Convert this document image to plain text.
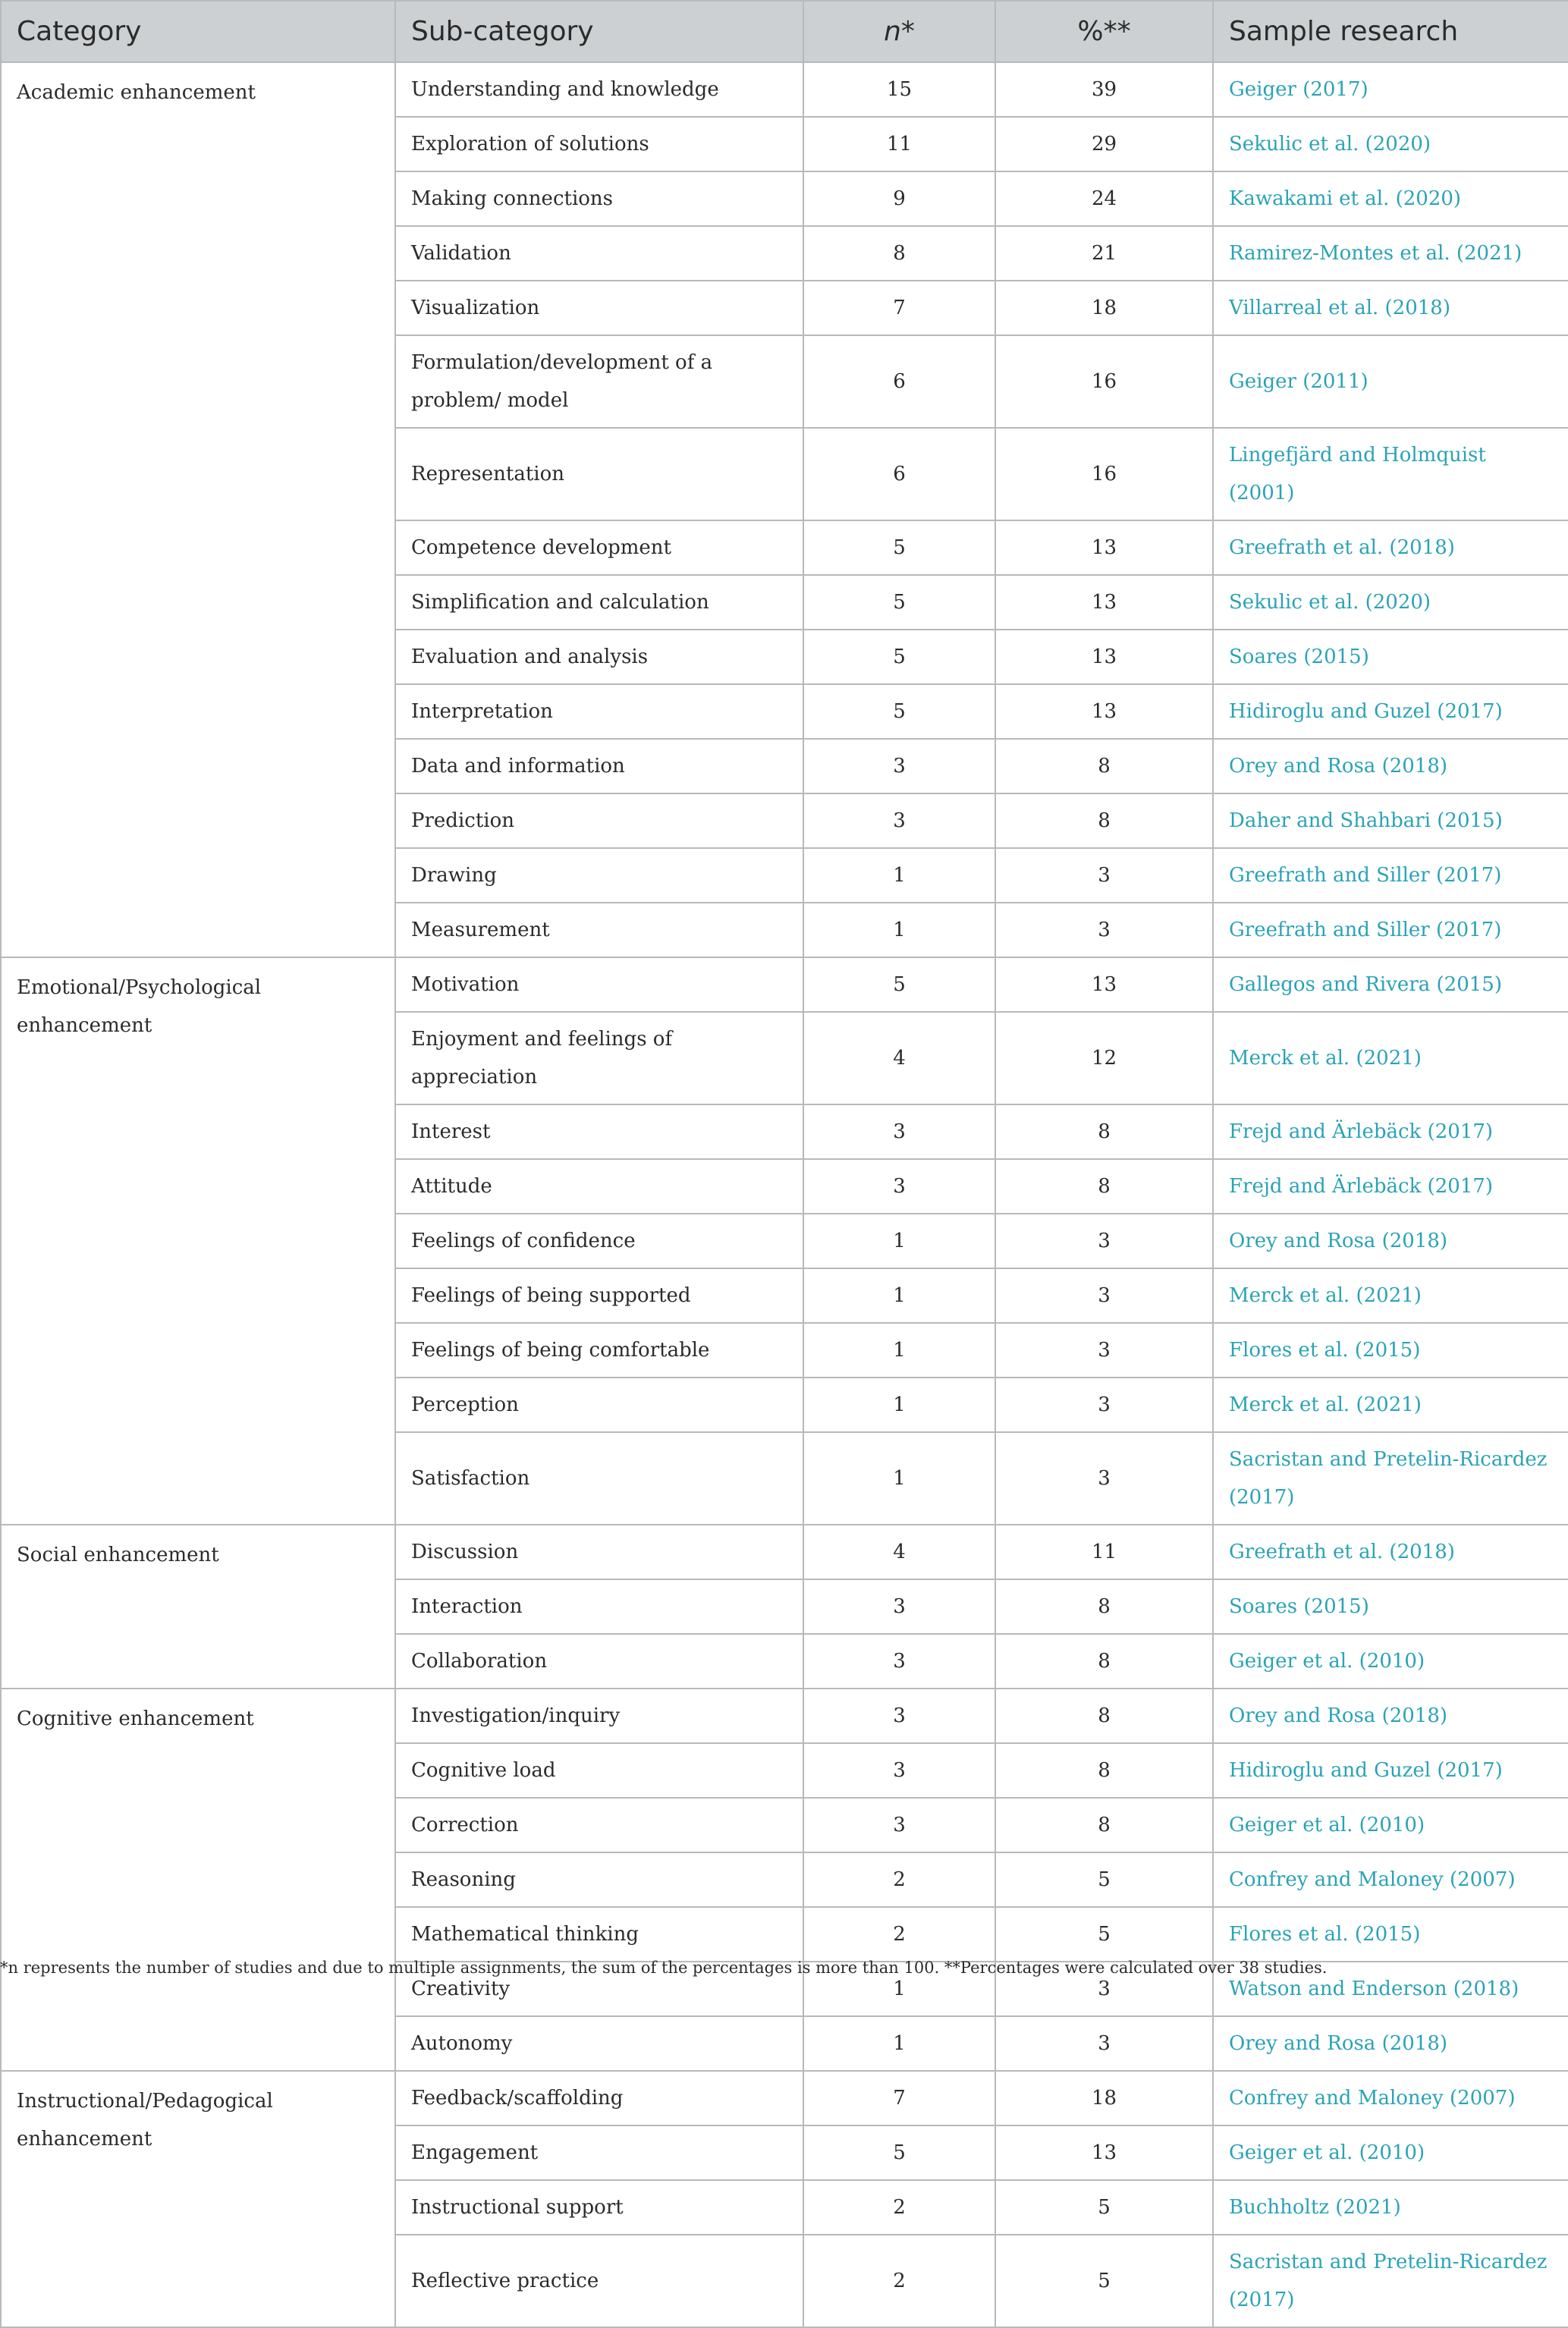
Category	Sub-category	n*	%**	Sample research
Academic enhancement	Understanding and knowledge	15	39	Geiger (2017)
	Exploration of solutions	11	29	Sekulic et al. (2020)
	Making connections	9	24	Kawakami et al. (2020)
	Validation	8	21	Ramirez-Montes et al. (2021)
	Visualization	7	18	Villarreal et al. (2018)
	Formulation/development of a problem/ model	6	16	Geiger (2011)
	Representation	6	16	Lingefjärd and Holmquist (2001)
	Competence development	5	13	Greefrath et al. (2018)
	Simplification and calculation	5	13	Sekulic et al. (2020)
	Evaluation and analysis	5	13	Soares (2015)
	Interpretation	5	13	Hidiroglu and Guzel (2017)
	Data and information	3	8	Orey and Rosa (2018)
	Prediction	3	8	Daher and Shahbari (2015)
	Drawing	1	3	Greefrath and Siller (2017)
	Measurement	1	3	Greefrath and Siller (2017)
Emotional/Psychological enhancement	Motivation	5	13	Gallegos and Rivera (2015)
	Enjoyment and feelings of appreciation	4	12	Merck et al. (2021)
	Interest	3	8	Frejd and Ärlebäck (2017)
	Attitude	3	8	Frejd and Ärlebäck (2017)
	Feelings of confidence	1	3	Orey and Rosa (2018)
	Feelings of being supported	1	3	Merck et al. (2021)
	Feelings of being comfortable	1	3	Flores et al. (2015)
	Perception	1	3	Merck et al. (2021)
	Satisfaction	1	3	Sacristan and Pretelin-Ricardez (2017)
Social enhancement	Discussion	4	11	Greefrath et al. (2018)
	Interaction	3	8	Soares (2015)
	Collaboration	3	8	Geiger et al. (2010)
Cognitive enhancement	Investigation/inquiry	3	8	Orey and Rosa (2018)
	Cognitive load	3	8	Hidiroglu and Guzel (2017)
	Correction	3	8	Geiger et al. (2010)
	Reasoning	2	5	Confrey and Maloney (2007)
	Mathematical thinking	2	5	Flores et al. (2015)
	Creativity	1	3	Watson and Enderson (2018)
	Autonomy	1	3	Orey and Rosa (2018)
Instructional/Pedagogical enhancement	Feedback/scaffolding	7	18	Confrey and Maloney (2007)
	Engagement	5	13	Geiger et al. (2010)
	Instructional support	2	5	Buchholtz (2021)
	Reflective practice	2	5	Sacristan and Pretelin-Ricardez (2017)
*n represents the number of studies and due to multiple assignments, the sum of the percentages is more than 100. **Percentages were calculated over 38 studies.
